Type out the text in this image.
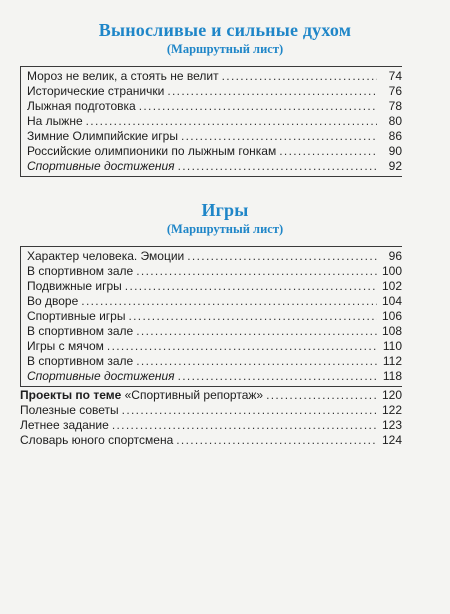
Выносливые и сильные духом
(Маршрутный лист)
Мороз не велик, а стоять не велит . . .	74
Исторические странички . . .	76
Лыжная подготовка . . .	78
На лыжне . . .	80
Зимние Олимпийские игры . . .	86
Российские олимпионики по лыжным гонкам . . .	90
Спортивные достижения . . .	92
Игры
(Маршрутный лист)
Характер человека. Эмоции . . .	96
В спортивном зале . . .	100
Подвижные игры . . .	102
Во дворе . . .	104
Спортивные игры . . .	106
В спортивном зале . . .	108
Игры с мячом . . .	110
В спортивном зале . . .	112
Спортивные достижения . . .	118
Проекты по теме «Спортивный репортаж» . . .	120
Полезные советы . . .	122
Летнее задание . . .	123
Словарь юного спортсмена . . .	124
